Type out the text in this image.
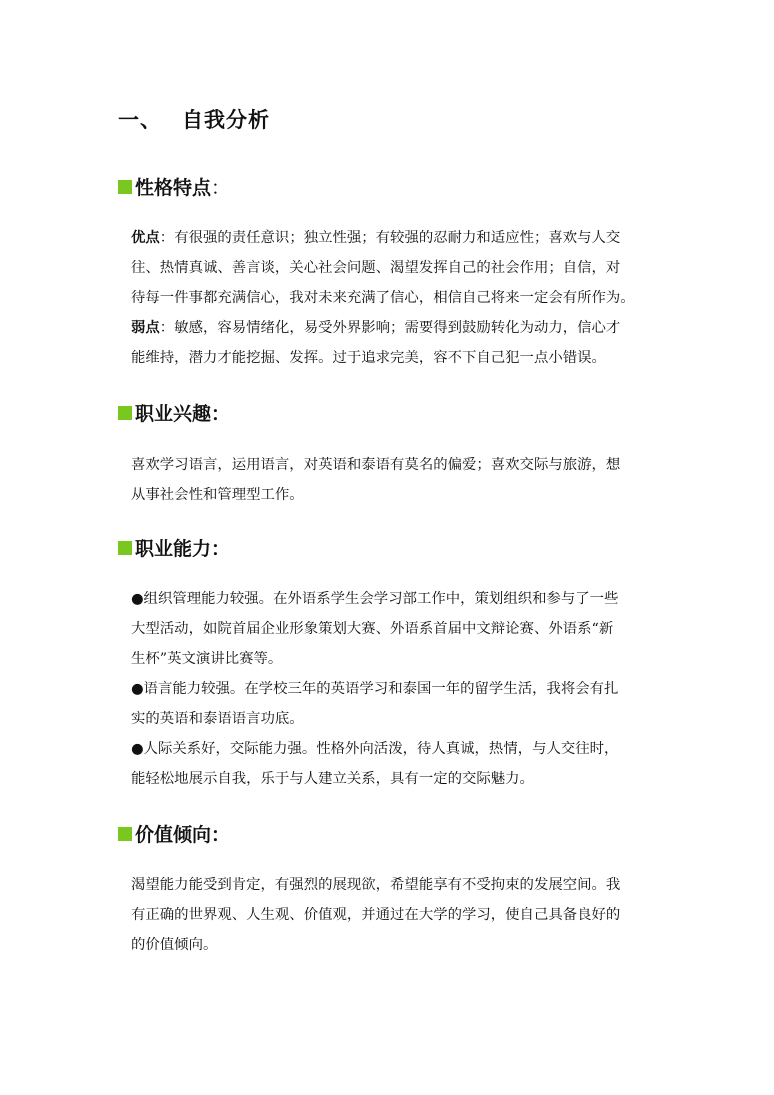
一、 自我分析
性格特点 ：
优点：有很强的责任意识；独立性强；有较强的忍耐力和适应性；喜欢与人交
往、热情真诚、善言谈，关心社会问题、渴望发挥自己的社会作用；自信，对
待每一件事都充满信心，我对未来充满了信心，相信自己将来一定会有所作为。
弱点：敏感，容易情绪化，易受外界影响；需要得到鼓励转化为动力，信心才
能维持，潜力才能挖掘、发挥。过于追求完美，容不下自己犯一点小错误。
职业兴趣 ：
喜欢学习语言，运用语言，对英语和泰语有莫名的偏爱；喜欢交际与旅游，想
从事社会性和管理型工作。
职业能力 ：
●组织管理能力较强。在外语系学生会学习部工作中，策划组织和参与了一些
大型活动，如院首届企业形象策划大赛、外语系首届中文辩论赛、外语系“新
生杯”英文演讲比赛等。
●语言能力较强。在学校三年的英语学习和泰国一年的留学生活，我将会有扎
实的英语和泰语语言功底。
●人际关系好，交际能力强。性格外向活泼，待人真诚，热情，与人交往时，
能轻松地展示自我，乐于与人建立关系，具有一定的交际魅力。
价值倾向 ：
渴望能力能受到肯定，有强烈的展现欲，希望能享有不受拘束的发展空间。我
有正确的世界观、人生观、价值观，并通过在大学的学习，使自己具备良好的
的价值倾向。
